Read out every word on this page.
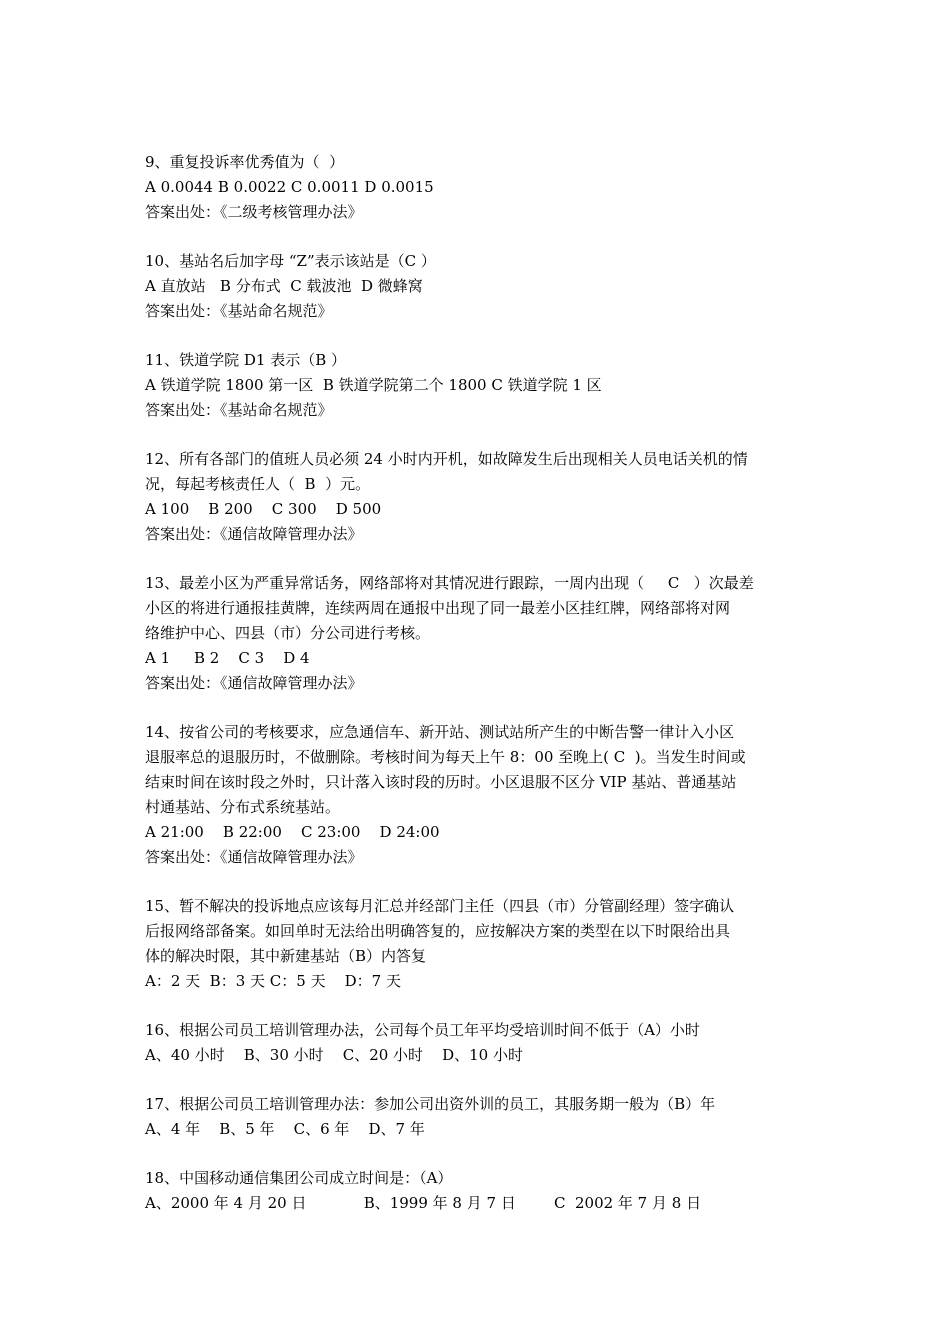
9、重复投诉率优秀值为（  ）
A 0.0044 B 0.0022 C 0.0011 D 0.0015
答案出处：《二级考核管理办法》
10、基站名后加字母 “Z”表示该站是（C ）
A 直放站   B 分布式  C 载波池  D 微蜂窝
答案出处：《基站命名规范》
11、铁道学院 D1 表示（B ）
A 铁道学院 1800 第一区  B 铁道学院第二个 1800 C 铁道学院 1 区
答案出处：《基站命名规范》
12、所有各部门的值班人员必须 24 小时内开机，如故障发生后出现相关人员电话关机的情
况，每起考核责任人（  B  ）元。
A 100    B 200    C 300    D 500
答案出处：《通信故障管理办法》
13、最差小区为严重异常话务，网络部将对其情况进行跟踪，一周内出现（     C   ）次最差
小区的将进行通报挂黄牌，连续两周在通报中出现了同一最差小区挂红牌，网络部将对网
络维护中心、四县（市）分公司进行考核。
A 1     B 2    C 3    D 4
答案出处：《通信故障管理办法》
14、按省公司的考核要求，应急通信车、新开站、测试站所产生的中断告警一律计入小区
退服率总的退服历时，不做删除。考核时间为每天上午 8：00 至晚上( C  )。当发生时间或
结束时间在该时段之外时，只计落入该时段的历时。小区退服不区分 VIP 基站、普通基站
村通基站、分布式系统基站。
A 21:00    B 22:00    C 23:00    D 24:00
答案出处：《通信故障管理办法》
15、暂不解决的投诉地点应该每月汇总并经部门主任（四县（市）分管副经理）签字确认
后报网络部备案。如回单时无法给出明确答复的，应按解决方案的类型在以下时限给出具
体的解决时限，其中新建基站（B）内答复
A：2 天  B：3 天 C：5 天    D：7 天
16、根据公司员工培训管理办法，公司每个员工年平均受培训时间不低于（A）小时
A、40 小时    B、30 小时    C、20 小时    D、10 小时
17、根据公司员工培训管理办法：参加公司出资外训的员工，其服务期一般为（B）年
A、4 年    B、5 年    C、6 年    D、7 年
18、中国移动通信集团公司成立时间是：（A）
A、2000 年 4 月 20 日            B、1999 年 8 月 7 日        C  2002 年 7 月 8 日
